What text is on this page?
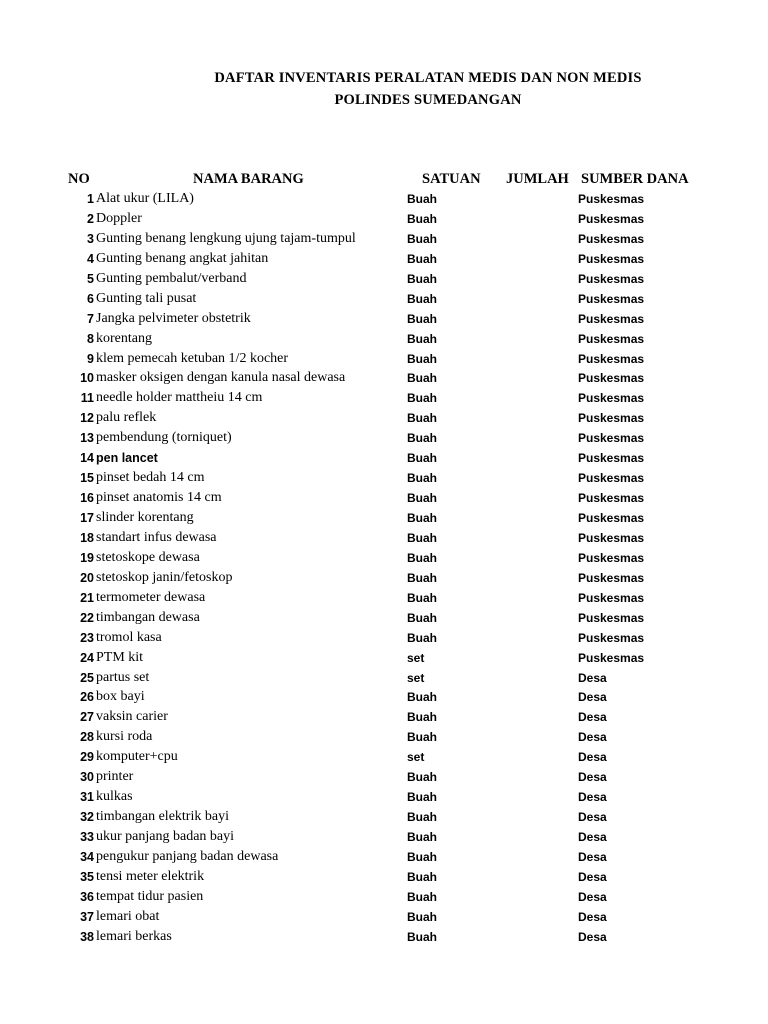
DAFTAR INVENTARIS PERALATAN MEDIS DAN NON MEDIS
POLINDES SUMEDANGAN
NO	NAMA BARANG	SATUAN JUMLAH SUMBER DANA
1 Alat ukur (LILA)	Buah	Puskesmas
2 Doppler	Buah	Puskesmas
3 Gunting benang lengkung ujung tajam-tumpul	Buah	Puskesmas
4 Gunting benang angkat jahitan	Buah	Puskesmas
5 Gunting pembalut/verband	Buah	Puskesmas
6 Gunting tali pusat	Buah	Puskesmas
7 Jangka pelvimeter obstetrik	Buah	Puskesmas
8 korentang	Buah	Puskesmas
9 klem pemecah ketuban 1/2 kocher	Buah	Puskesmas
10 masker oksigen dengan kanula nasal dewasa	Buah	Puskesmas
11 needle holder mattheiu 14 cm	Buah	Puskesmas
12 palu reflek	Buah	Puskesmas
13 pembendung (torniquet)	Buah	Puskesmas
14 pen lancet	Buah	Puskesmas
15 pinset bedah 14 cm	Buah	Puskesmas
16 pinset anatomis 14 cm	Buah	Puskesmas
17 slinder korentang	Buah	Puskesmas
18 standart infus dewasa	Buah	Puskesmas
19 stetoskope dewasa	Buah	Puskesmas
20 stetoskop janin/fetoskop	Buah	Puskesmas
21 termometer dewasa	Buah	Puskesmas
22 timbangan dewasa	Buah	Puskesmas
23 tromol kasa	Buah	Puskesmas
24 PTM kit	set	Puskesmas
25 partus set	set	Desa
26 box bayi	Buah	Desa
27 vaksin carier	Buah	Desa
28 kursi roda	Buah	Desa
29 komputer+cpu	set	Desa
30 printer	Buah	Desa
31 kulkas	Buah	Desa
32 timbangan elektrik bayi	Buah	Desa
33 ukur panjang badan bayi	Buah	Desa
34 pengukur panjang badan dewasa	Buah	Desa
35 tensi meter elektrik	Buah	Desa
36 tempat tidur pasien	Buah	Desa
37 lemari obat	Buah	Desa
38 lemari berkas	Buah	Desa
